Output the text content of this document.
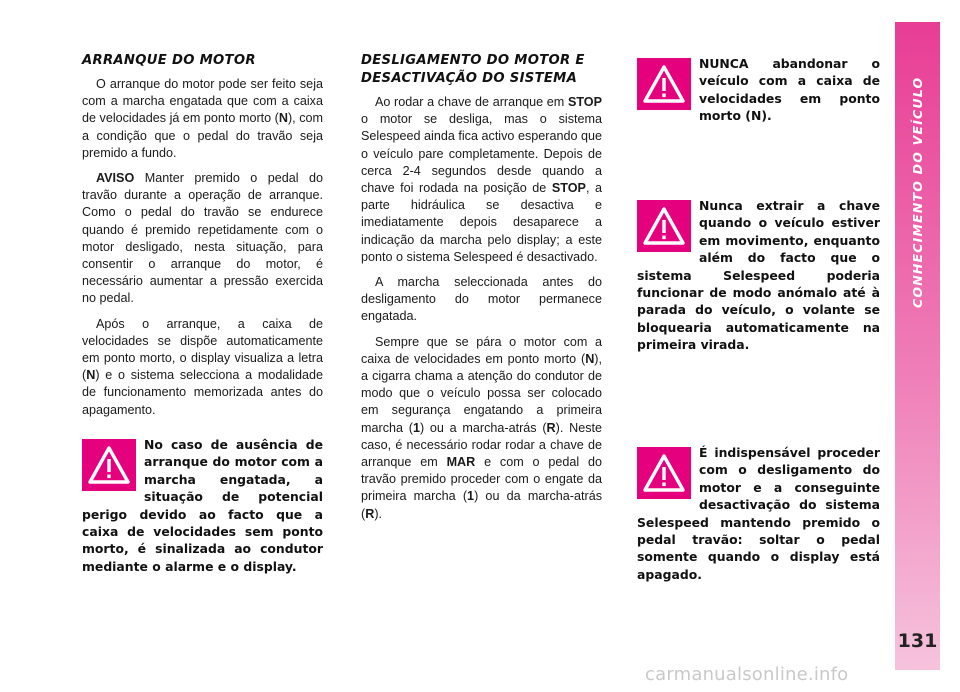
CONHECIMENTO DO VEÍCULO
131
ARRANQUE DO MOTOR

O arranque do motor pode ser feito seja com a marcha engatada que com a caixa de velocidades já em ponto morto (N), com a condição que o pedal do travão seja premido a fundo.

AVISO Manter premido o pedal do travão durante a operação de arranque. Como o pedal do travão se endurece quando é premido repetidamente com o motor desligado, nesta situação, para consentir o arranque do motor, é necessário aumentar a pressão exercida no pedal.

Após o arranque, a caixa de velocidades se dispõe automaticamente em ponto morto, o display visualiza a letra (N) e o sistema selecciona a modalidade de funcionamento memorizada antes do apagamento.

No caso de ausência de arranque do motor com a marcha engatada, a situação de potencial perigo devido ao facto que a caixa de velocidades sem ponto morto, é sinalizada ao condutor mediante o alarme e o display.
DESLIGAMENTO DO MOTOR E DESACTIVAÇÃO DO SISTEMA

Ao rodar a chave de arranque em STOP o motor se desliga, mas o sistema Selespeed ainda fica activo esperando que o veículo pare completamente. Depois de cerca 2-4 segundos desde quando a chave foi rodada na posição de STOP, a parte hidráulica se desactiva e imediatamente depois desaparece a indicação da marcha pelo display; a este ponto o sistema Selespeed é desactivado.

A marcha seleccionada antes do desligamento do motor permanece engatada.

Sempre que se pára o motor com a caixa de velocidades em ponto morto (N), a cigarra chama a atenção do condutor de modo que o veículo possa ser colocado em segurança engatando a primeira marcha (1) ou a marcha-atrás (R). Neste caso, é necessário rodar rodar a chave de arranque em MAR e com o pedal do travão premido proceder com o engate da primeira marcha (1) ou da marcha-atrás (R).

NUNCA abandonar o veículo com a caixa de velocidades em ponto morto (N).
Nunca extrair a chave quando o veículo estiver em movimento, enquanto além do facto que o sistema Selespeed poderia funcionar de modo anómalo até à parada do veículo, o volante se bloquearia automaticamente na primeira virada.
É indispensável proceder com o desligamento do motor e a conseguinte desactivação do sistema Selespeed mantendo premido o pedal travão: soltar o pedal somente quando o display está apagado.
carmanualsonline.info
